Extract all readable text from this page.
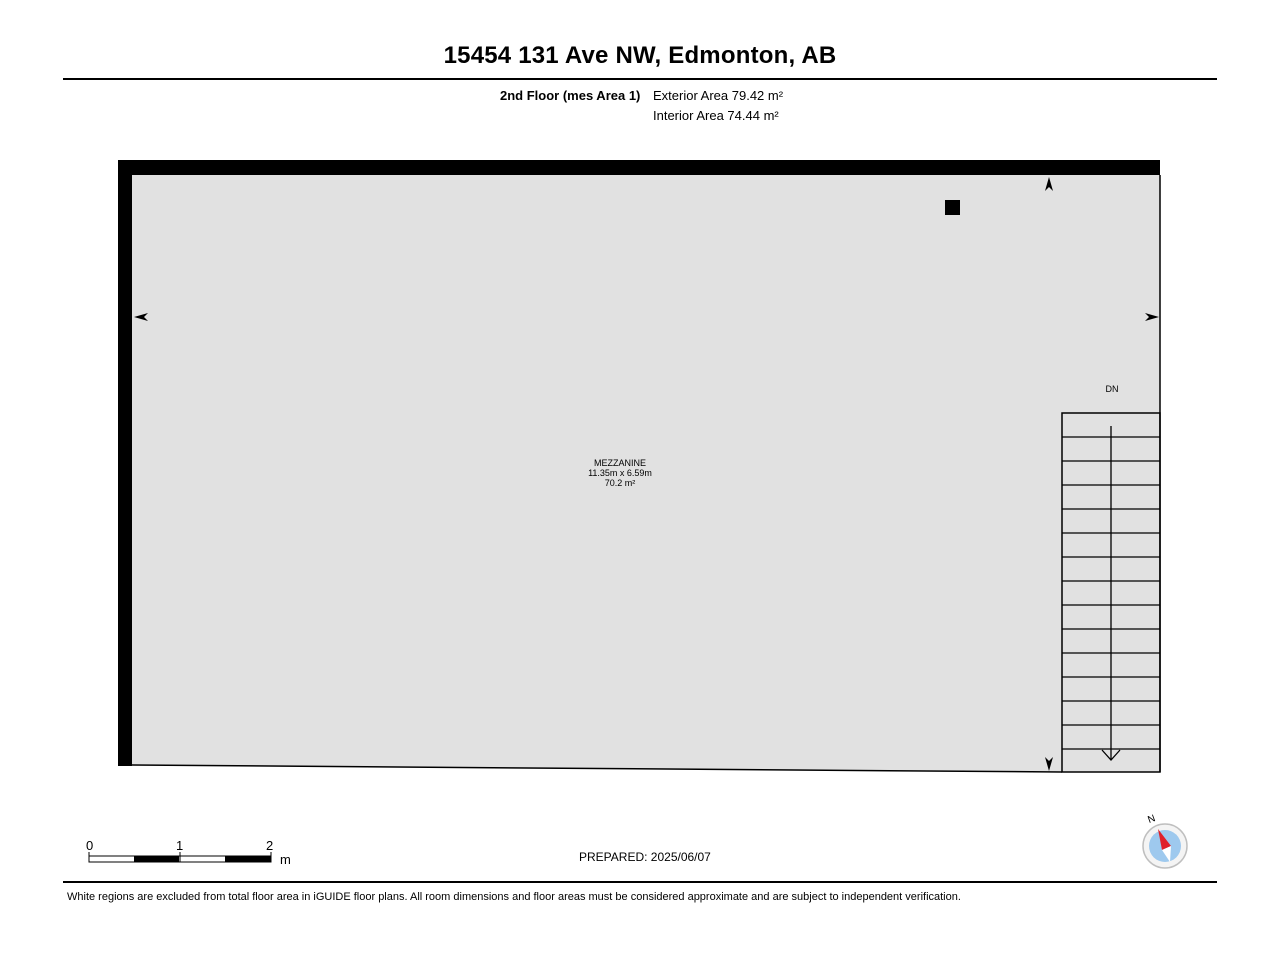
15454 131 Ave NW, Edmonton, AB
2nd Floor (mes Area 1) Exterior Area 79.42 m²
Interior Area 74.44 m²
MEZZANINE
11.35m x 6.59m
70.2 m²
DN
0	1	2
m	PREPARED: 2025/06/07
N
White regions are excluded from total floor area in iGUIDE floor plans. All room dimensions and floor areas must be considered approximate and are subject to independent verification.
